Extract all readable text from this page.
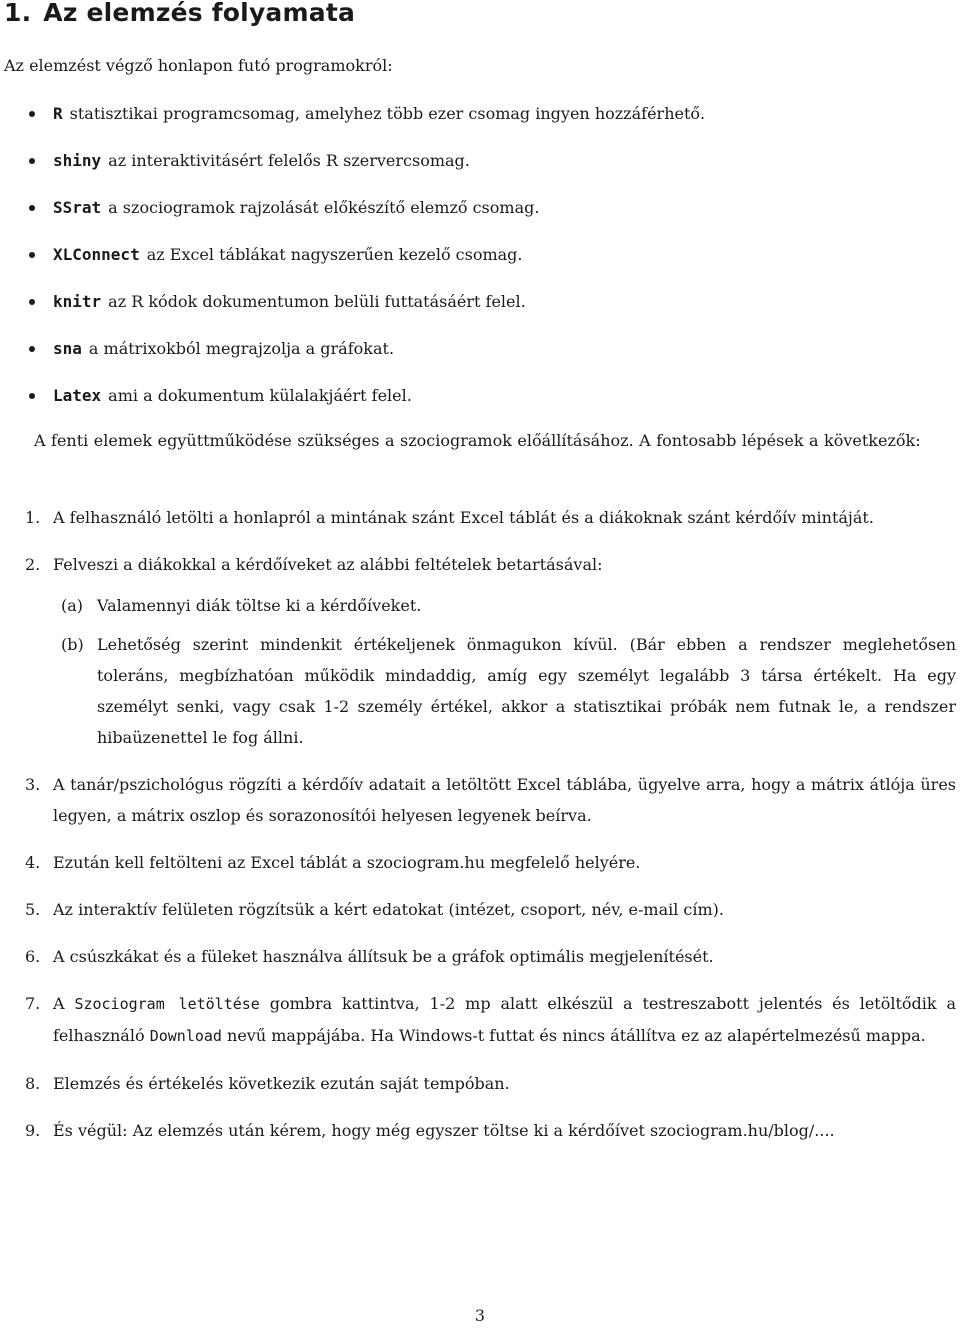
1. Az elemzés folyamata

Az elemzést végző honlapon futó programokról:

R statisztikai programcsomag, amelyhez több ezer csomag ingyen hozzáférhető.
shiny az interaktivitásért felelős R szervercsomag.
SSrat a szociogramok rajzolását előkészítő elemző csomag.
XLConnect az Excel táblákat nagyszerűen kezelő csomag.
knitr az R kódok dokumentumon belüli futtatásáért felel.
sna a mátrixokból megrajzolja a gráfokat.
Latex ami a dokumentum külalakjáért felel.

A fenti elemek együttműködése szükséges a szociogramok előállításához. A fontosabb lépések a következők:

1. A felhasználó letölti a honlapról a mintának szánt Excel táblát és a diákoknak szánt kérdőív mintáját.
2. Felveszi a diákokkal a kérdőíveket az alábbi feltételek betartásával:
(a) Valamennyi diák töltse ki a kérdőíveket.
(b) Lehetőség szerint mindenkit értékeljenek önmagukon kívül. (Bár ebben a rendszer meglehetősen toleráns, megbízhatóan működik mindaddig, amíg egy személyt legalább 3 társa értékelt. Ha egy személyt senki, vagy csak 1-2 személy értékel, akkor a statisztikai próbák nem futnak le, a rendszer hibaüzenettel le fog állni.
3. A tanár/pszichológus rögzíti a kérdőív adatait a letöltött Excel táblába, ügyelve arra, hogy a mátrix átlója üres legyen, a mátrix oszlop és sorazonosítói helyesen legyenek beírva.
4. Ezután kell feltölteni az Excel táblát a szociogram.hu megfelelő helyére.
5. Az interaktív felületen rögzítsük a kért edatokat (intézet, csoport, név, e-mail cím).
6. A csúszkákat és a füleket használva állítsuk be a gráfok optimális megjelenítését.
7. A Szociogram letöltése gombra kattintva, 1-2 mp alatt elkészül a testreszabott jelentés és letöltődik a felhasználó Download nevű mappájába. Ha Windows-t futtat és nincs átállítva ez az alapértelmezésű mappa.
8. Elemzés és értékelés következik ezután saját tempóban.
9. És végül: Az elemzés után kérem, hogy még egyszer töltse ki a kérdőívet szociogram.hu/blog/....
3
